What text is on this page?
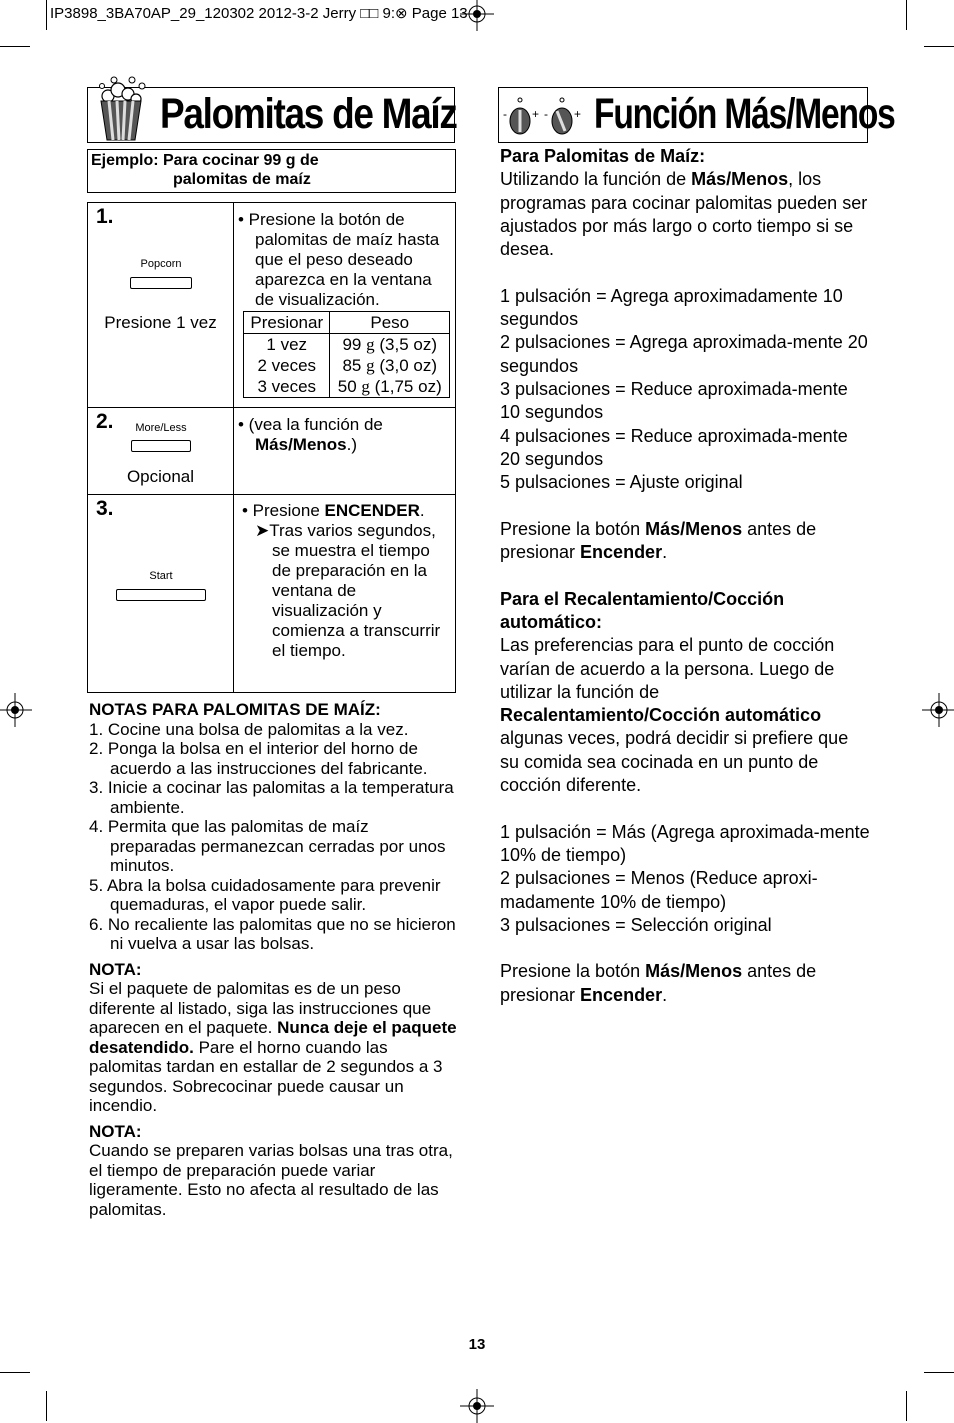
IP3898_3BA70AP_29_120302 2012-3-2 Jerry □□ 9:⊗ Page 13
Palomitas de Maíz
Ejemplo: Para cocinar 99 g de
palomitas de maíz
1.
Popcorn
Presione 1 vez
• Presione la botón de palomitas de maíz hasta que el peso deseado aparezca en la ventana de visualización.
Presionar	Peso
1 vez	99 g (3,5 oz)
2 veces	85 g (3,0 oz)
3 veces	50 g (1,75 oz)
2.	More/Less
Opcional
• (vea la función de
Más/Menos.)
3.
Start
• Presione ENCENDER.
➤Tras varios segundos, se muestra el tiempo de preparación en la ventana de visualización y comienza a transcurrir el tiempo.
NOTAS PARA PALOMITAS DE MAÍZ:
1. Cocine una bolsa de palomitas a la vez.
2. Ponga la bolsa en el interior del horno de acuerdo a las instrucciones del fabricante.
3. Inicie a cocinar las palomitas a la temperatura ambiente.
4. Permita que las palomitas de maíz preparadas permanezcan cerradas por unos minutos.
5. Abra la bolsa cuidadosamente para prevenir quemaduras, el vapor puede salir.
6. No recaliente las palomitas que no se hicieron ni vuelva a usar las bolsas.
NOTA:
Si el paquete de palomitas es de un peso diferente al listado, siga las instrucciones que aparecen en el paquete. Nunca deje el paquete desatendido. Pare el horno cuando las palomitas tardan en estallar de 2 segundos a 3 segundos. Sobrecocinar puede causar un incendio.
NOTA:
Cuando se preparen varias bolsas una tras otra, el tiempo de preparación puede variar ligeramente. Esto no afecta al resultado de las palomitas.
- + - + Función Más/Menos
Para Palomitas de Maíz:
Utilizando la función de Más/Menos, los programas para cocinar palomitas pueden ser ajustados por más largo o corto tiempo si se desea.
1 pulsación = Agrega aproximadamente 10 segundos
2 pulsaciones = Agrega aproximada-mente 20 segundos
3 pulsaciones = Reduce aproximada-mente 10 segundos
4 pulsaciones = Reduce aproximada-mente 20 segundos
5 pulsaciones = Ajuste original
Presione la botón Más/Menos antes de presionar Encender.
Para el Recalentamiento/Cocción automático:
Las preferencias para el punto de cocción varían de acuerdo a la persona. Luego de utilizar la función de
Recalentamiento/Cocción automático
algunas veces, podrá decidir si prefiere que su comida sea cocinada en un punto de cocción diferente.
1 pulsación = Más (Agrega aproximada-mente 10% de tiempo)
2 pulsaciones = Menos (Reduce aproxi-madamente 10% de tiempo)
3 pulsaciones = Selección original
Presione la botón Más/Menos antes de presionar Encender.
13
